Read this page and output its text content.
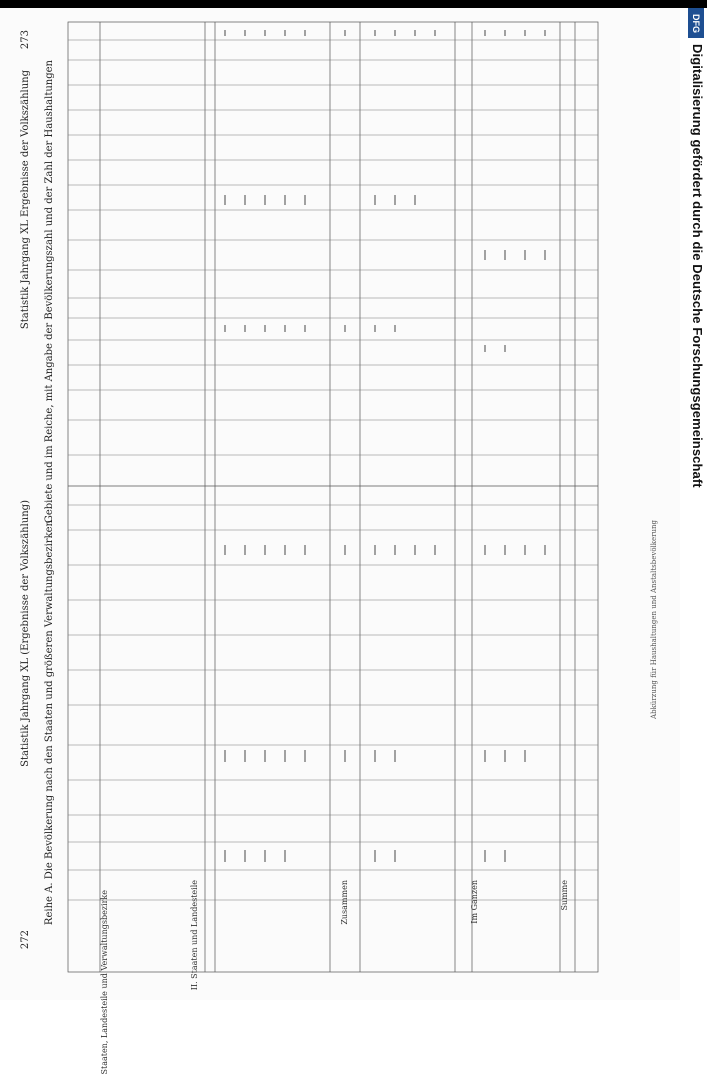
272
Statistik Jahrgang XL (Ergebnisse der Volkszählung) Reihe A. Die Bevölkerung nach den Staaten und größeren Verwaltungsbezirken
273
Statistik Jahrgang XL Ergebnisse der Volkszählung Gebiete und im Reiche, mit Angabe der Bevölkerungszahl und der Zahl der Haushaltungen
Staaten, Landesteile und Verwaltungsbezirke	II. Staaten und Landesteile	Zusammen	Im Ganzen	Summe
Abkürzung für Haushaltungen und Anstaltsbevölkerung
DFG
Digitalisierung gefördert durch die Deutsche Forschungsgemeinschaft
